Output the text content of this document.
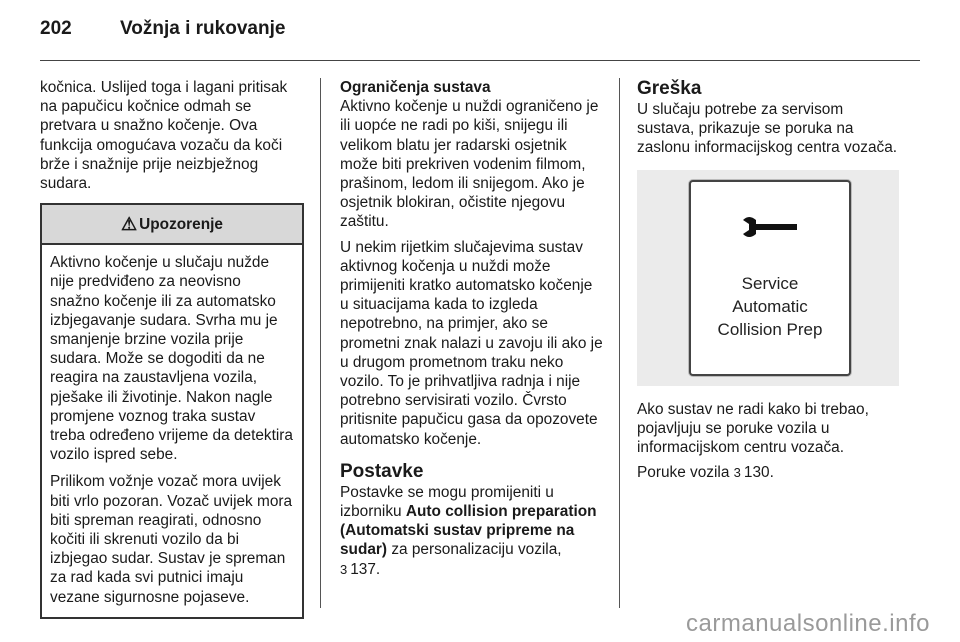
202	Vožnja i rukovanje

kočnica. Uslijed toga i lagani pritisak na papučicu kočnice odmah se pretvara u snažno kočenje. Ova funkcija omogućava vozaču da koči brže i snažnije prije neizbježnog sudara.

⚠ Upozorenje

Aktivno kočenje u slučaju nužde nije predviđeno za neovisno snažno kočenje ili za automatsko izbjegavanje sudara. Svrha mu je smanjenje brzine vozila prije sudara. Može se dogoditi da ne reagira na zaustavljena vozila, pješake ili životinje. Nakon nagle promjene voznog traka sustav treba određeno vrijeme da detektira vozilo ispred sebe.

Prilikom vožnje vozač mora uvijek biti vrlo pozoran. Vozač uvijek mora biti spreman reagirati, odnosno kočiti ili skrenuti vozilo da bi izbjegao sudar. Sustav je spreman za rad kada svi putnici imaju vezane sigurnosne pojaseve.

Ograničenja sustava

Aktivno kočenje u nuždi ograničeno je ili uopće ne radi po kiši, snijegu ili velikom blatu jer radarski osjetnik može biti prekriven vodenim filmom, prašinom, ledom ili snijegom. Ako je osjetnik blokiran, očistite njegovu zaštitu.

U nekim rijetkim slučajevima sustav aktivnog kočenja u nuždi može primijeniti kratko automatsko kočenje u situacijama kada to izgleda nepotrebno, na primjer, ako se prometni znak nalazi u zavoju ili ako je u drugom prometnom traku neko vozilo. To je prihvatljiva radnja i nije potrebno servisirati vozilo. Čvrsto pritisnite papučicu gasa da opozovete automatsko kočenje.

Postavke

Postavke se mogu promijeniti u izborniku Auto collision preparation (Automatski sustav pripreme na sudar) za personalizaciju vozila,
3 137.

Greška

U slučaju potrebe za servisom sustava, prikazuje se poruka na zaslonu informacijskog centra vozača.

Service
Automatic
Collision Prep

Ako sustav ne radi kako bi trebao, pojavljuju se poruke vozila u informacijskom centru vozača.

Poruke vozila 3 130.

carmanualsonline.info
